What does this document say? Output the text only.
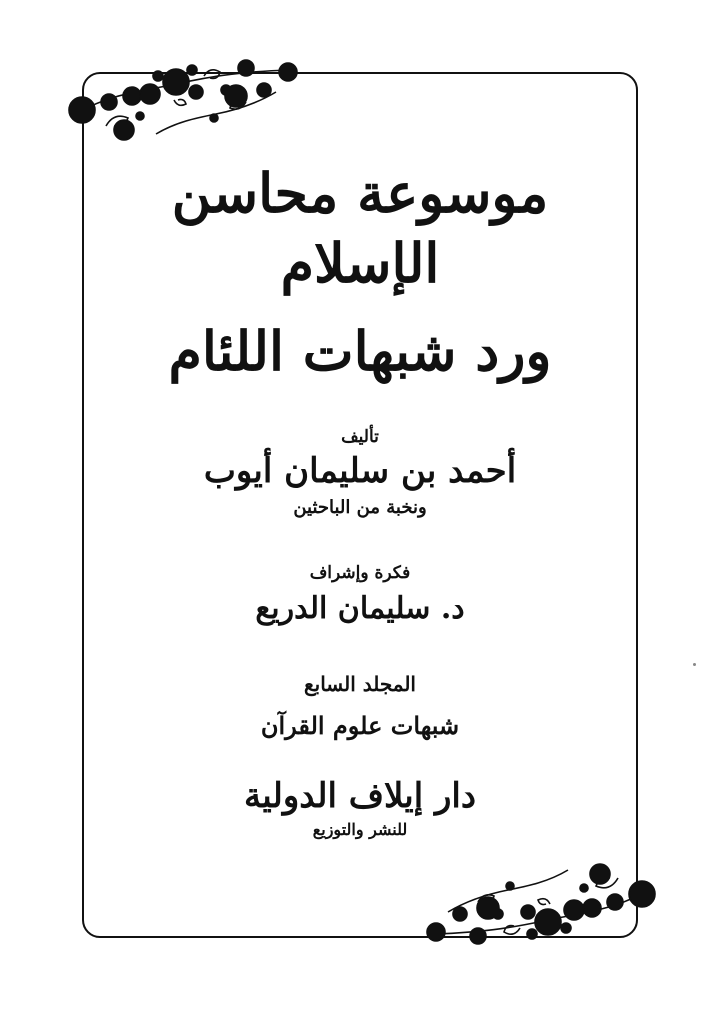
موسوعة محاسن الإسلام
ورد شبهات اللئام
تأليف
أحمد بن سليمان أيوب
ونخبة من الباحثين
فكرة وإشراف
د. سليمان الدريع
المجلد السابع
شبهات علوم القرآن
دار إيلاف الدولية
للنشر والتوزيع
